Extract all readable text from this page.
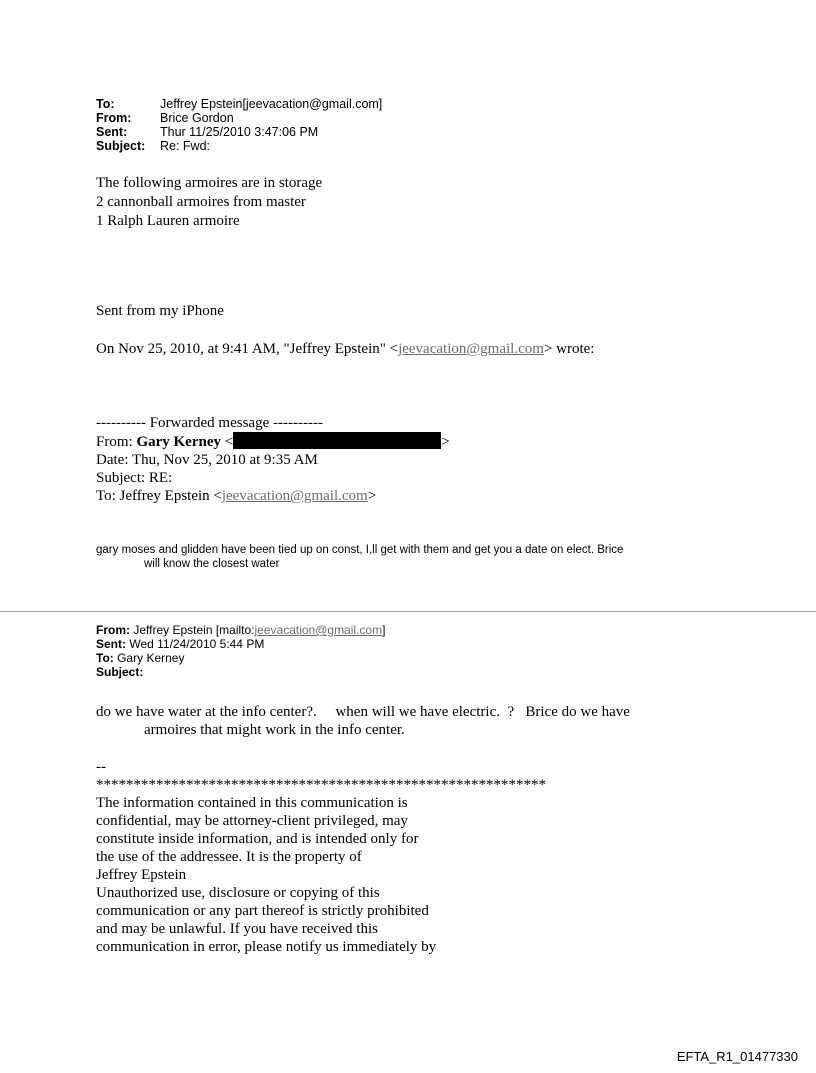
To:	Jeffrey Epstein[jeevacation@gmail.com]
From:	Brice Gordon
Sent:	Thur 11/25/2010 3:47:06 PM
Subject:	Re: Fwd:
The following armoires are in storage
2 cannonball armoires from master
1 Ralph Lauren armoire
Sent from my iPhone
On Nov 25, 2010, at 9:41 AM, "Jeffrey Epstein" <jeevacation@gmail.com> wrote:
---------- Forwarded message ----------
From: Gary Kerney <	>
Date: Thu, Nov 25, 2010 at 9:35 AM
Subject: RE:
To: Jeffrey Epstein <jeevacation@gmail.com>
gary moses and glidden have been tied up on const, I,ll get with them and get you a date on elect. Brice
will know the closest water
From: Jeffrey Epstein [mailto:jeevacation@gmail.com]
Sent: Wed 11/24/2010 5:44 PM
To: Gary Kerney
Subject:
do we have water at the info center?.     when will we have electric.  ?   Brice do we have
armoires that might work in the info center.
--
************************************************************
The information contained in this communication is
confidential, may be attorney-client privileged, may
constitute inside information, and is intended only for
the use of the addressee. It is the property of
Jeffrey Epstein
Unauthorized use, disclosure or copying of this
communication or any part thereof is strictly prohibited
and may be unlawful. If you have received this
communication in error, please notify us immediately by
EFTA_R1_01477330
